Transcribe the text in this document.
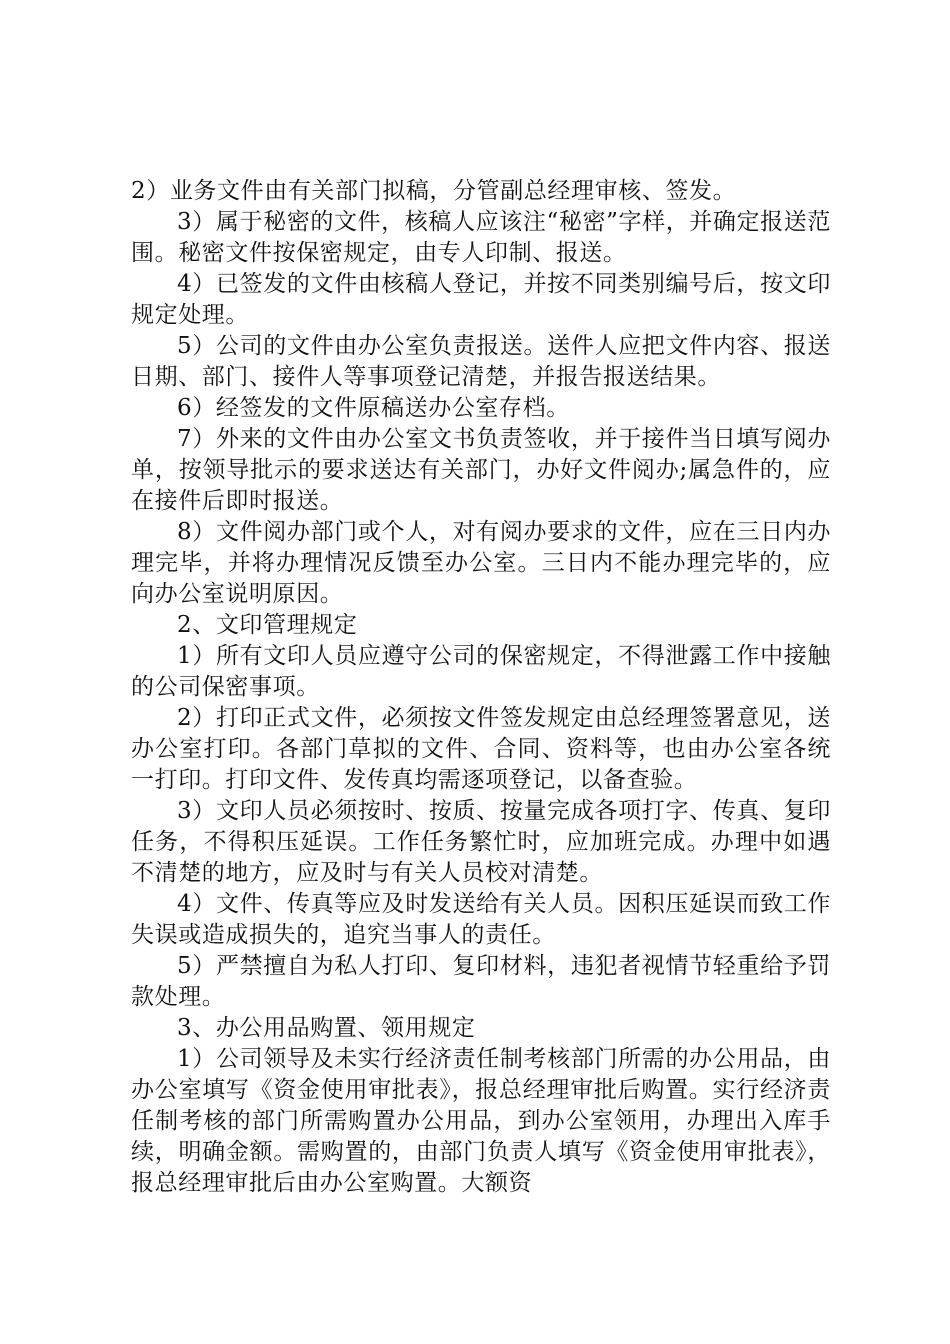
2）业务文件由有关部门拟稿，分管副总经理审核、签发。

3）属于秘密的文件，核稿人应该注“秘密”字样，并确定报送范围。秘密文件按保密规定，由专人印制、报送。

4）已签发的文件由核稿人登记，并按不同类别编号后，按文印规定处理。

5）公司的文件由办公室负责报送。送件人应把文件内容、报送日期、部门、接件人等事项登记清楚，并报告报送结果。

6）经签发的文件原稿送办公室存档。

7）外来的文件由办公室文书负责签收，并于接件当日填写阅办单，按领导批示的要求送达有关部门，办好文件阅办;属急件的，应在接件后即时报送。

8）文件阅办部门或个人，对有阅办要求的文件，应在三日内办理完毕，并将办理情况反馈至办公室。三日内不能办理完毕的，应向办公室说明原因。

2、文印管理规定

1）所有文印人员应遵守公司的保密规定，不得泄露工作中接触的公司保密事项。

2）打印正式文件，必须按文件签发规定由总经理签署意见，送办公室打印。各部门草拟的文件、合同、资料等，也由办公室各统一打印。打印文件、发传真均需逐项登记，以备查验。

3）文印人员必须按时、按质、按量完成各项打字、传真、复印任务，不得积压延误。工作任务繁忙时，应加班完成。办理中如遇不清楚的地方，应及时与有关人员校对清楚。

4）文件、传真等应及时发送给有关人员。因积压延误而致工作失误或造成损失的，追究当事人的责任。

5）严禁擅自为私人打印、复印材料，违犯者视情节轻重给予罚款处理。

3、办公用品购置、领用规定

1）公司领导及未实行经济责任制考核部门所需的办公用品，由办公室填写《资金使用审批表》，报总经理审批后购置。实行经济责任制考核的部门所需购置办公用品，到办公室领用，办理出入库手续，明确金额。需购置的，由部门负责人填写《资金使用审批表》，报总经理审批后由办公室购置。大额资
